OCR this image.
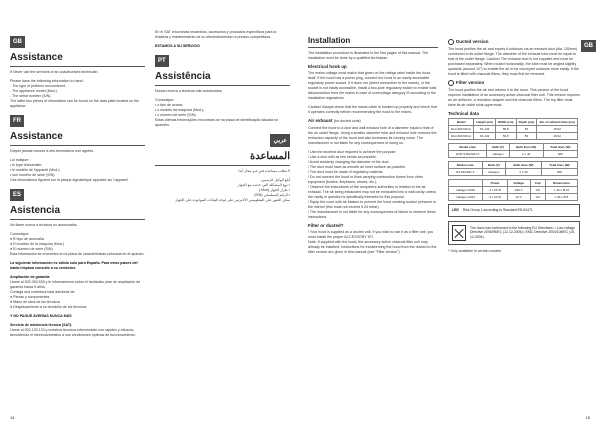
GB
Assistance
If Never use the services of an unauthorised technician.
Please have the following information to hand:
- The type of problem encountered.
- The appliance model (Mod.).
- The serial number (S/N).
The latter two pieces of information can be found on the data plate located on the appliance.
FR
Assistance
N’ayez jamais recours à des techniciens non agréés.
Lui indiquer :
• le type d'anomalie;
• le modèle de l'appareil (Mod.);
• son numéro de série (S/N).
Ces informations figurent sur la plaque signalétique apposée sur l'appareil.
ES
Asistencia
No llame nunca a técnicos no autorizados.
Comunique:
● El tipo de anomalía
● El modelo de la máquina (Mod.)
● El número de serie (S/N)
Esta información se encuentra en la placa de características colocada en el aparato.
La siguiente información es válida solo para España. Para otros países del habla hispana consulte a su vendedor.
Ampliación de garantía
Llame al 902.363.539 y le informaremos sobre el fantástico plan de ampliación de garantía hasta 5 años.
Consiga una cobertura total adicional de:
● Piezas y componentes
● Mano de obra de los técnicos
● Desplazamiento a su domicilio de los técnicos
Y NO PAGUE AVERÍAS NUNCA MÁS
Servicio de asistencia técnica (SAT):
Llame al 902.133.133 y nuestros técnicos intervendrán con rapidez y eficacia, devolviendo el electrodoméstico a sus condiciones óptimas de funcionamiento.
En el SAT encontrará recambios, accesorios y productos específicos para la limpieza y mantenimiento de su electrodoméstico a precios competitivos.
ESTAMOS A SU SERVICIO
PT
Assistência
Nunca recorra a técnicos não autorizados.
Comunique:
• o tipo de avaria;
• o modelo da máquina (Mod.);
• o número de série (S/N).
Estas últimas informações encontram-se na placa de identificação situada no aparelho.
عربي
المساعدة
لا تطلب مساعدة فني غير مجاز أبدا
أبلغ الوكيل الرسمي:
• نوع المشكلة التي حدثت مع الجهاز
• طراز الجهاز (Mod.)
• الرقم التسلسلي (S/N)
يمكن العثور على المعلومتين الأخيرتين على لوحة البيانات الموجودة على الجهاز
14
Installation
The installation procedure is illustrated in the first pages of this manual. The installation must be done by a qualified technician.
Electrical hook up
The mains voltage must match that given on the ratings label inside the hood itself. If the hood has a power plug, connect the hood to an easily accessible regulatory power socket. If it does not (direct connection to the mains), or the socket is not easily accessible, install a two-pole regulatory switch to enable total disconnection from the mains in case of overvoltage category III according to the installation regulations.
Caution! Always check that the mains cable is hooked up properly and check that it operates correctly before recommending the hood to the mains.
Air exhaust (for ducted units)
Connect the hood to a duct and wall exhaust hole of a diameter equal to that of the air outlet flange. Using a smaller diameter tube and exhaust hole reduces the extraction capacity of the hood and also increases its running noise. The manufacturer is not liable for any consequences of doing so.
! Use the shortest duct required to achieve the purpose.
! Use a duct with as few bends as possible.
! Avoid suddenly changing the diameter of the duct.
! The duct must have as smooth an inner surface as possible.
! The duct must be made of regulatory material.
! Do not connect the hood to flues carrying combustion fumes from other equipment (boilers, fireplaces, stoves, etc.).
! Observe the instructions of the competent authorities in relation to the air exhaust. The air being exhausted may not be exhausted into a wall cavity unless the cavity in question is specifically intended for this purpose.
! Equip the room with air intakes to prevent the hood creating suction pressure in the interior (this must not exceed 0.04 mbar).
! The manufacturer is not liable for any consequences of failure to observe these instructions.
Filter or ducted?
! Your hood is supplied as a ducted unit. If you wish to use it as a filter unit, you must install the proper ACCESSORY KIT.
Note: If supplied with the hood, the accessory active charcoal filter unit may already be installed. Instructions for transforming the hood from the ducted to the filter version are given in this manual (see "Filter version").
Ducted version
The hood purifies the air and expels it outdoors via an exhaust duct (dia. 150mm) connected to its outlet flange. The diameter of the exhaust tube must be equal to that of the outlet flange. Caution! The exhaust duct is not supplied and must be purchased separately. When routed horizontally, the tube must be angled slightly upwards (around 10°) to enable the air to be conveyed outdoors more easily. If the hood is fitted with charcoal filters, they must first be removed.
Filter version
The hood purifies the air and returns it to the room. This version of the hood requires installation of an accessory active charcoal filter unit. This version requires an air deflector, a reduction adapter and the charcoal filters. The top filter must have its air outlet slots uppermost.
Technical data
Model	Height (cm)	Width (cm)	Depth (cm)	dia. of exhaust tube (cm)
DLA 900 Mirror	91-142	89.8	50	15/12
DLA 600 Mirror	91-142	59.8	50	15/12
Model code	Bulb (V)	Bulb lines (W)	Total lines (W)
HOP 9.MG/WH X	Halogen	2 x 40	300
Model code	Bulb (V)	Bulb lines (W)	Total lines (W)
HS.MG/WH X	Halogen	2 x 40	300
	Power	Voltage	Cap	Dimensions
Halogen 2010	3 x 25 W	230 V	G9	L 40 x Ø 10
Halogen 2014	3 x 20 W	12 V	G4	L 30 x Ø 8
LED Risk Group 1 according to Standard EN 62471
The hood has conformed to the following EU Directives: • Low-voltage Directive 2006/95/EC (12-12-2006) • EMC Directive 2004/108/EC (15-12-2004).
* Only available in certain models
GB
15
